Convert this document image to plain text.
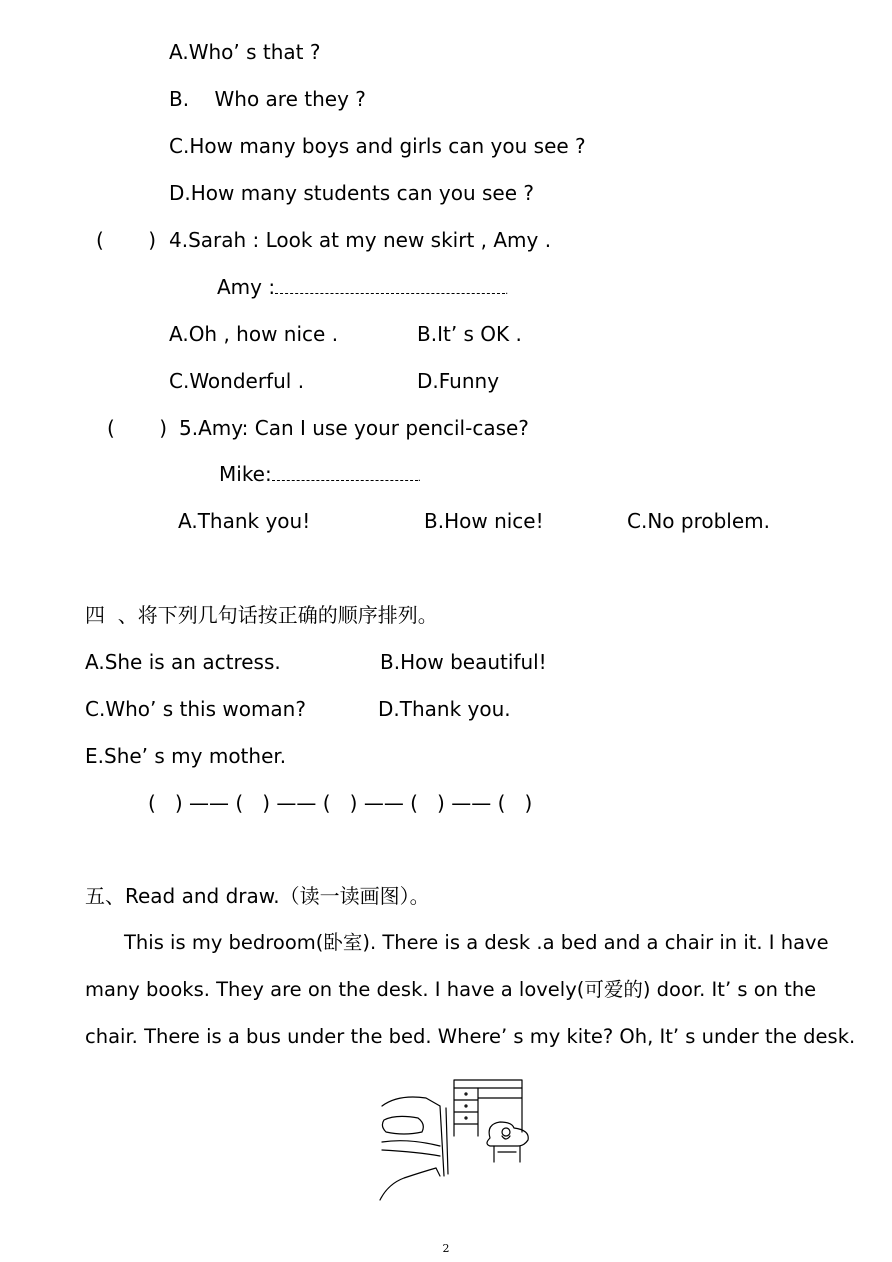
A.Who’ s that ?
B.    Who are they ?
C.How many boys and girls can you see ?
D.How many students can you see ?
(       ) 4.Sarah : Look at my new skirt , Amy .
Amy :	.
A.Oh , how nice .	B.It’ s OK .
C.Wonderful .	D.Funny
(       ) 5.Amy: Can I use your pencil-case?
Mike:	.
A.Thank you!	B.How nice!	C.No problem.
四  、将下列几句话按正确的顺序排列。
A.She is an actress.	B.How beautiful!
C.Who’ s this woman?	D.Thank you.
E.She’ s my mother.
(   ) —— (   ) —— (   ) —— (   ) —— (   )
五、Read and draw.（读一读画图）。
This is my bedroom(卧室). There is a desk .a bed and a chair in it. I have
many books. They are on the desk. I have a lovely(可爱的) door. It’ s on the
chair. There is a bus under the bed. Where’ s my kite? Oh, It’ s under the desk.
2
